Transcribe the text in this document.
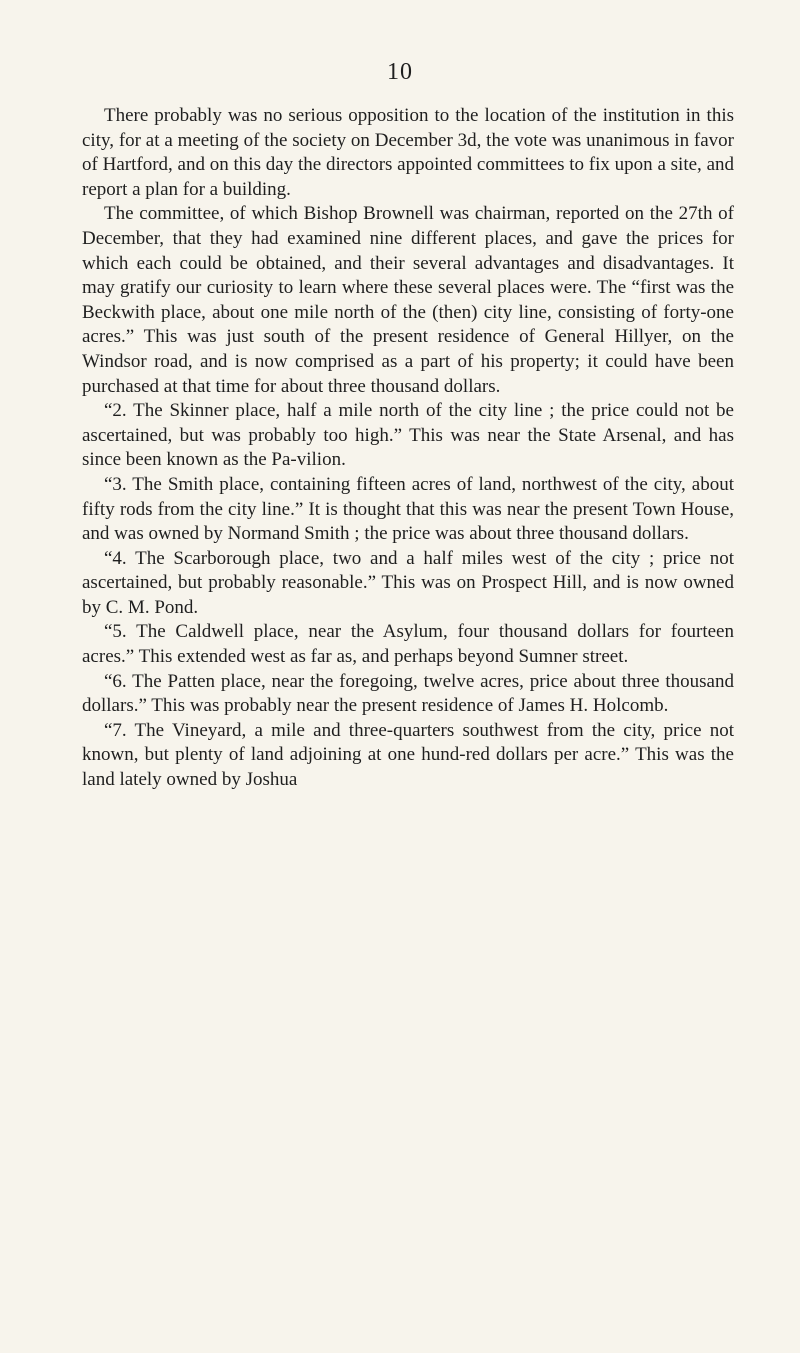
10

There probably was no serious opposition to the location of the institution in this city, for at a meeting of the society on December 3d, the vote was unanimous in favor of Hartford, and on this day the directors appointed committees to fix upon a site, and report a plan for a building.

The committee, of which Bishop Brownell was chairman, reported on the 27th of December, that they had examined nine different places, and gave the prices for which each could be obtained, and their several advantages and disadvantages. It may gratify our curiosity to learn where these several places were. The “first was the Beckwith place, about one mile north of the (then) city line, consisting of forty-one acres.” This was just south of the present residence of General Hillyer, on the Windsor road, and is now comprised as a part of his property; it could have been purchased at that time for about three thousand dollars.

“2. The Skinner place, half a mile north of the city line ; the price could not be ascertained, but was probably too high.” This was near the State Arsenal, and has since been known as the Pa-vilion.

“3. The Smith place, containing fifteen acres of land, northwest of the city, about fifty rods from the city line.” It is thought that this was near the present Town House, and was owned by Normand Smith ; the price was about three thousand dollars.

“4. The Scarborough place, two and a half miles west of the city ; price not ascertained, but probably reasonable.” This was on Prospect Hill, and is now owned by C. M. Pond.

“5. The Caldwell place, near the Asylum, four thousand dollars for fourteen acres.” This extended west as far as, and perhaps beyond Sumner street.

“6. The Patten place, near the foregoing, twelve acres, price about three thousand dollars.” This was probably near the present residence of James H. Holcomb.

“7. The Vineyard, a mile and three-quarters southwest from the city, price not known, but plenty of land adjoining at one hund-red dollars per acre.” This was the land lately owned by Joshua
